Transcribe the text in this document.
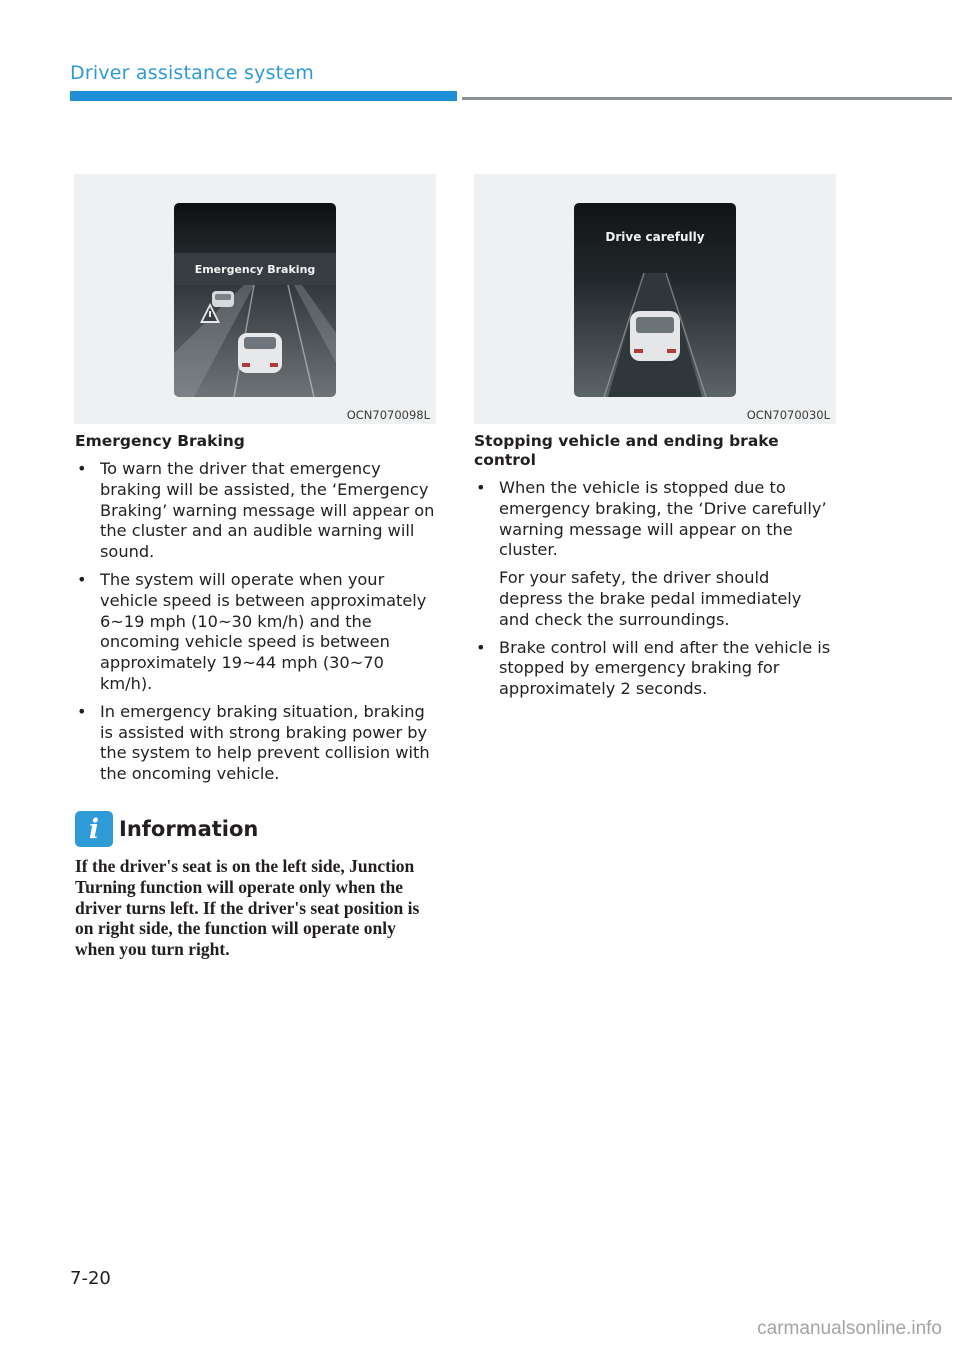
Driver assistance system
Emergency Braking
OCN7070098L
Drive carefully
OCN7070030L
Emergency Braking
• To warn the driver that emergency braking will be assisted, the ‘Emergency Braking’ warning message will appear on the cluster and an audible warning will sound.
• The system will operate when your vehicle speed is between approximately 6~19 mph (10~30 km/h) and the oncoming vehicle speed is between approximately 19~44 mph (30~70 km/h).
• In emergency braking situation, braking is assisted with strong braking power by the system to help prevent collision with the oncoming vehicle.
Stopping vehicle and ending brake control
• When the vehicle is stopped due to emergency braking, the ‘Drive carefully’ warning message will appear on the cluster.
For your safety, the driver should depress the brake pedal immediately and check the surroundings.
• Brake control will end after the vehicle is stopped by emergency braking for approximately 2 seconds.
i Information
If the driver's seat is on the left side, Junction Turning function will operate only when the driver turns left. If the driver's seat position is on right side, the function will operate only when you turn right.
7-20
carmanualsonline.info
